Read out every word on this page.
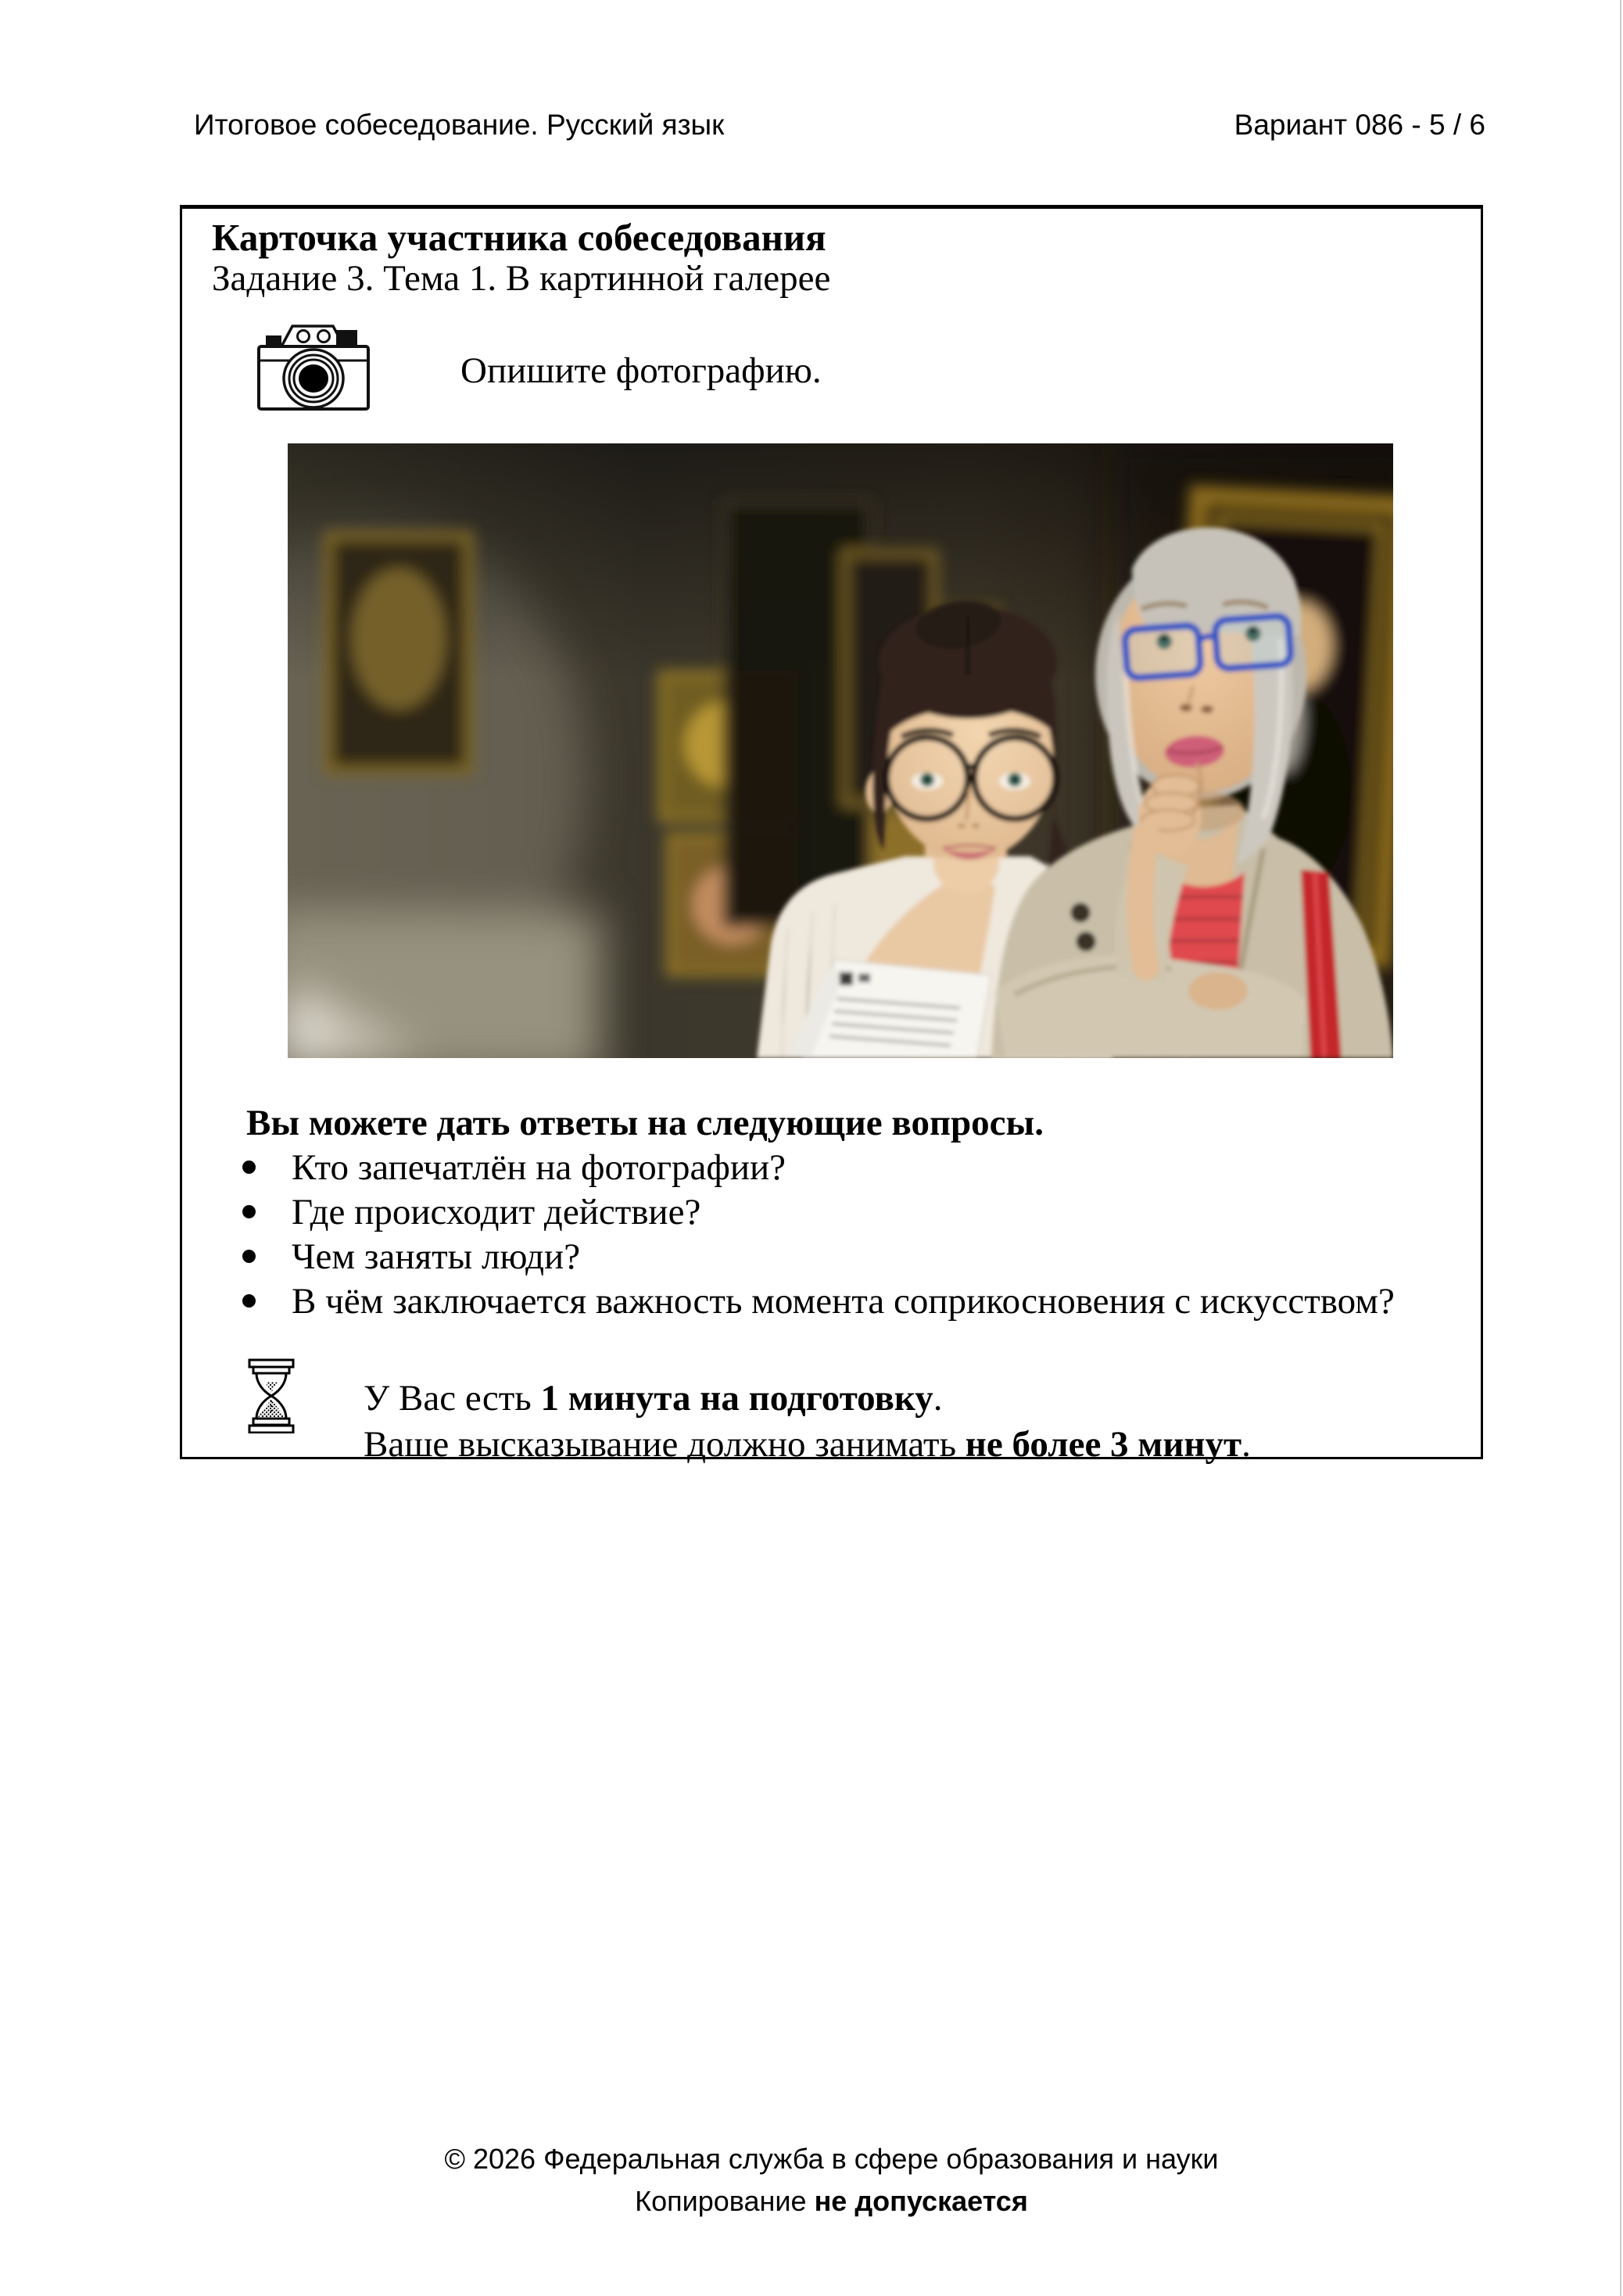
Итоговое собеседование. Русский язык	Вариант 086 - 5 / 6
Карточка участника собеседования
Задание 3. Тема 1. В картинной галерее
Опишите фотографию.
Вы можете дать ответы на следующие вопросы.
Кто запечатлён на фотографии?
Где происходит действие?
Чем заняты люди?
В чём заключается важность момента соприкосновения с искусством?
У Вас есть 1 минута на подготовку.
Ваше высказывание должно занимать не более 3 минут.
© 2026 Федеральная служба в сфере образования и науки
Копирование не допускается
